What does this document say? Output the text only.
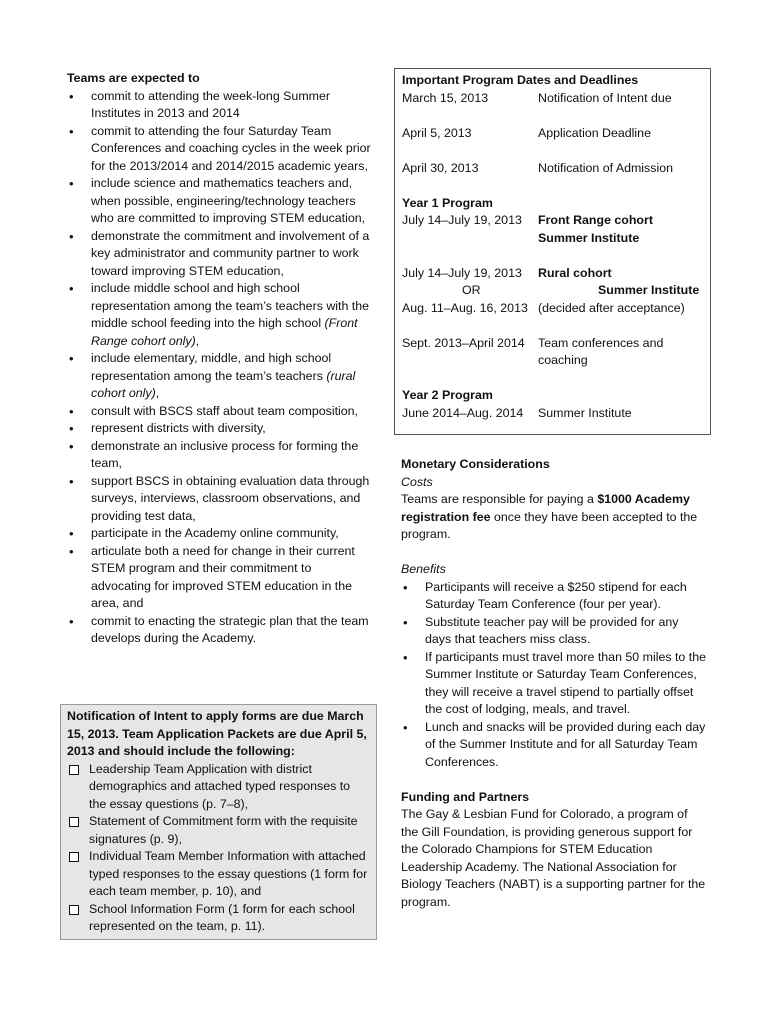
Teams are expected to
• commit to attending the week-long Summer Institutes in 2013 and 2014
• commit to attending the four Saturday Team Conferences and coaching cycles in the week prior for the 2013/2014 and 2014/2015 academic years,
• include science and mathematics teachers and, when possible, engineering/technology teachers who are committed to improving STEM education,
• demonstrate the commitment and involvement of a key administrator and community partner to work toward improving STEM education,
• include middle school and high school representation among the team’s teachers with the middle school feeding into the high school (Front Range cohort only),
• include elementary, middle, and high school representation among the team’s teachers (rural cohort only),
• consult with BSCS staff about team composition,
• represent districts with diversity,
• demonstrate an inclusive process for forming the team,
• support BSCS in obtaining evaluation data through surveys, interviews, classroom observations, and providing test data,
• participate in the Academy online community,
• articulate both a need for change in their current STEM program and their commitment to advocating for improved STEM education in the area, and
• commit to enacting the strategic plan that the team develops during the Academy.
Notification of Intent to apply forms are due March 15, 2013. Team Application Packets are due April 5, 2013 and should include the following:
Leadership Team Application with district demographics and attached typed responses to the essay questions (p. 7–8),
Statement of Commitment form with the requisite signatures (p. 9),
Individual Team Member Information with attached typed responses to the essay questions (1 form for each team member, p. 10), and
School Information Form (1 form for each school represented on the team, p. 11).
Important Program Dates and Deadlines
March 15, 2013	Notification of Intent due
April 5, 2013	Application Deadline
April 30, 2013	Notification of Admission
Year 1 Program
July 14–July 19, 2013	Front Range cohort
Summer Institute
July 14–July 19, 2013	Rural cohort
OR	Summer Institute
Aug. 11–Aug. 16, 2013 (decided after acceptance)
Sept. 2013–April 2014	Team conferences and coaching
Year 2 Program
June 2014–Aug. 2014	Summer Institute
Monetary Considerations
Costs
Teams are responsible for paying a $1000 Academy registration fee once they have been accepted to the program.
Benefits
• Participants will receive a $250 stipend for each Saturday Team Conference (four per year).
• Substitute teacher pay will be provided for any days that teachers miss class.
• If participants must travel more than 50 miles to the Summer Institute or Saturday Team Conferences, they will receive a travel stipend to partially offset the cost of lodging, meals, and travel.
• Lunch and snacks will be provided during each day of the Summer Institute and for all Saturday Team Conferences.
Funding and Partners
The Gay & Lesbian Fund for Colorado, a program of the Gill Foundation, is providing generous support for the Colorado Champions for STEM Education Leadership Academy. The National Association for Biology Teachers (NABT) is a supporting partner for the program.
